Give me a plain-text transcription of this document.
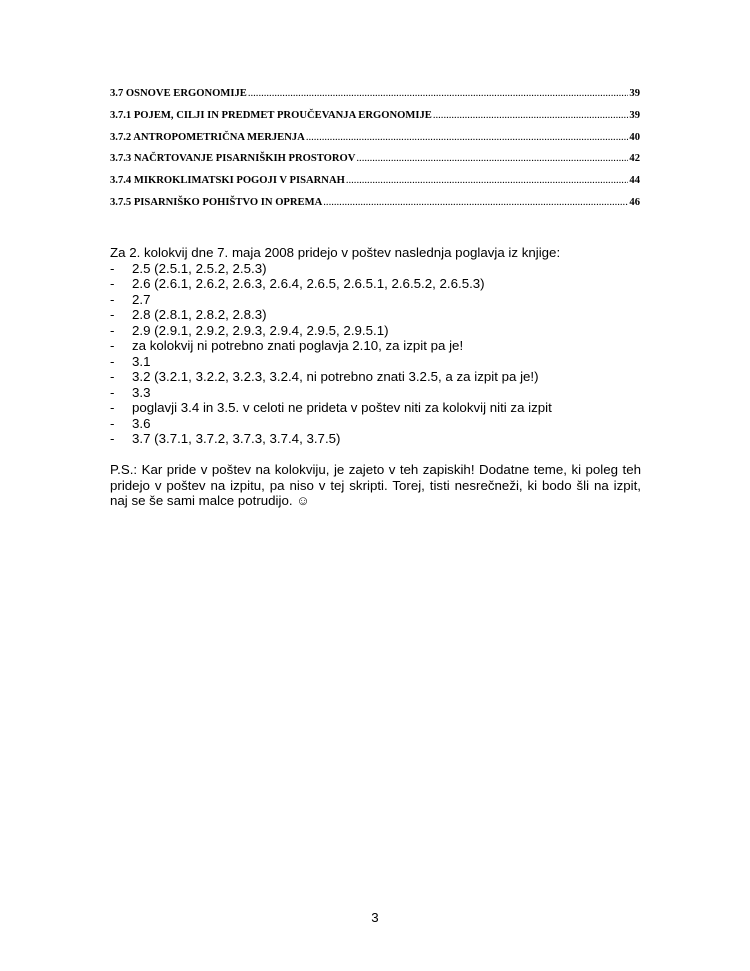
3.7 OSNOVE ERGONOMIJE .....	39
3.7.1 POJEM, CILJI IN PREDMET PROUČEVANJA ERGONOMIJE .....	39
3.7.2 ANTROPOMETRIČNA MERJENJA .....	40
3.7.3 NAČRTOVANJE PISARNIŠKIH PROSTOROV .....	42
3.7.4 MIKROKLIMATSKI POGOJI V PISARNAH .....	44
3.7.5 PISARNIŠKO POHIŠTVO IN OPREMA .....	46

Za 2. kolokvij dne 7. maja 2008 pridejo v poštev naslednja poglavja iz knjige:

-	2.5 (2.5.1, 2.5.2, 2.5.3)
-	2.6 (2.6.1, 2.6.2, 2.6.3, 2.6.4, 2.6.5, 2.6.5.1, 2.6.5.2, 2.6.5.3)
-	2.7
-	2.8 (2.8.1, 2.8.2, 2.8.3)
-	2.9 (2.9.1, 2.9.2, 2.9.3, 2.9.4, 2.9.5, 2.9.5.1)
-	za kolokvij ni potrebno znati poglavja 2.10, za izpit pa je!
-	3.1
-	3.2 (3.2.1, 3.2.2, 3.2.3, 3.2.4, ni potrebno znati 3.2.5, a za izpit pa je!)
-	3.3
-	poglavji 3.4 in 3.5. v celoti ne prideta v poštev niti za kolokvij niti za izpit
-	3.6
-	3.7 (3.7.1, 3.7.2, 3.7.3, 3.7.4, 3.7.5)

P.S.: Kar pride v poštev na kolokviju, je zajeto v teh zapiskih! Dodatne teme, ki poleg teh pridejo v poštev na izpitu, pa niso v tej skripti. Torej, tisti nesrečneži, ki bodo šli na izpit, naj se še sami malce potrudijo. ☺

3
